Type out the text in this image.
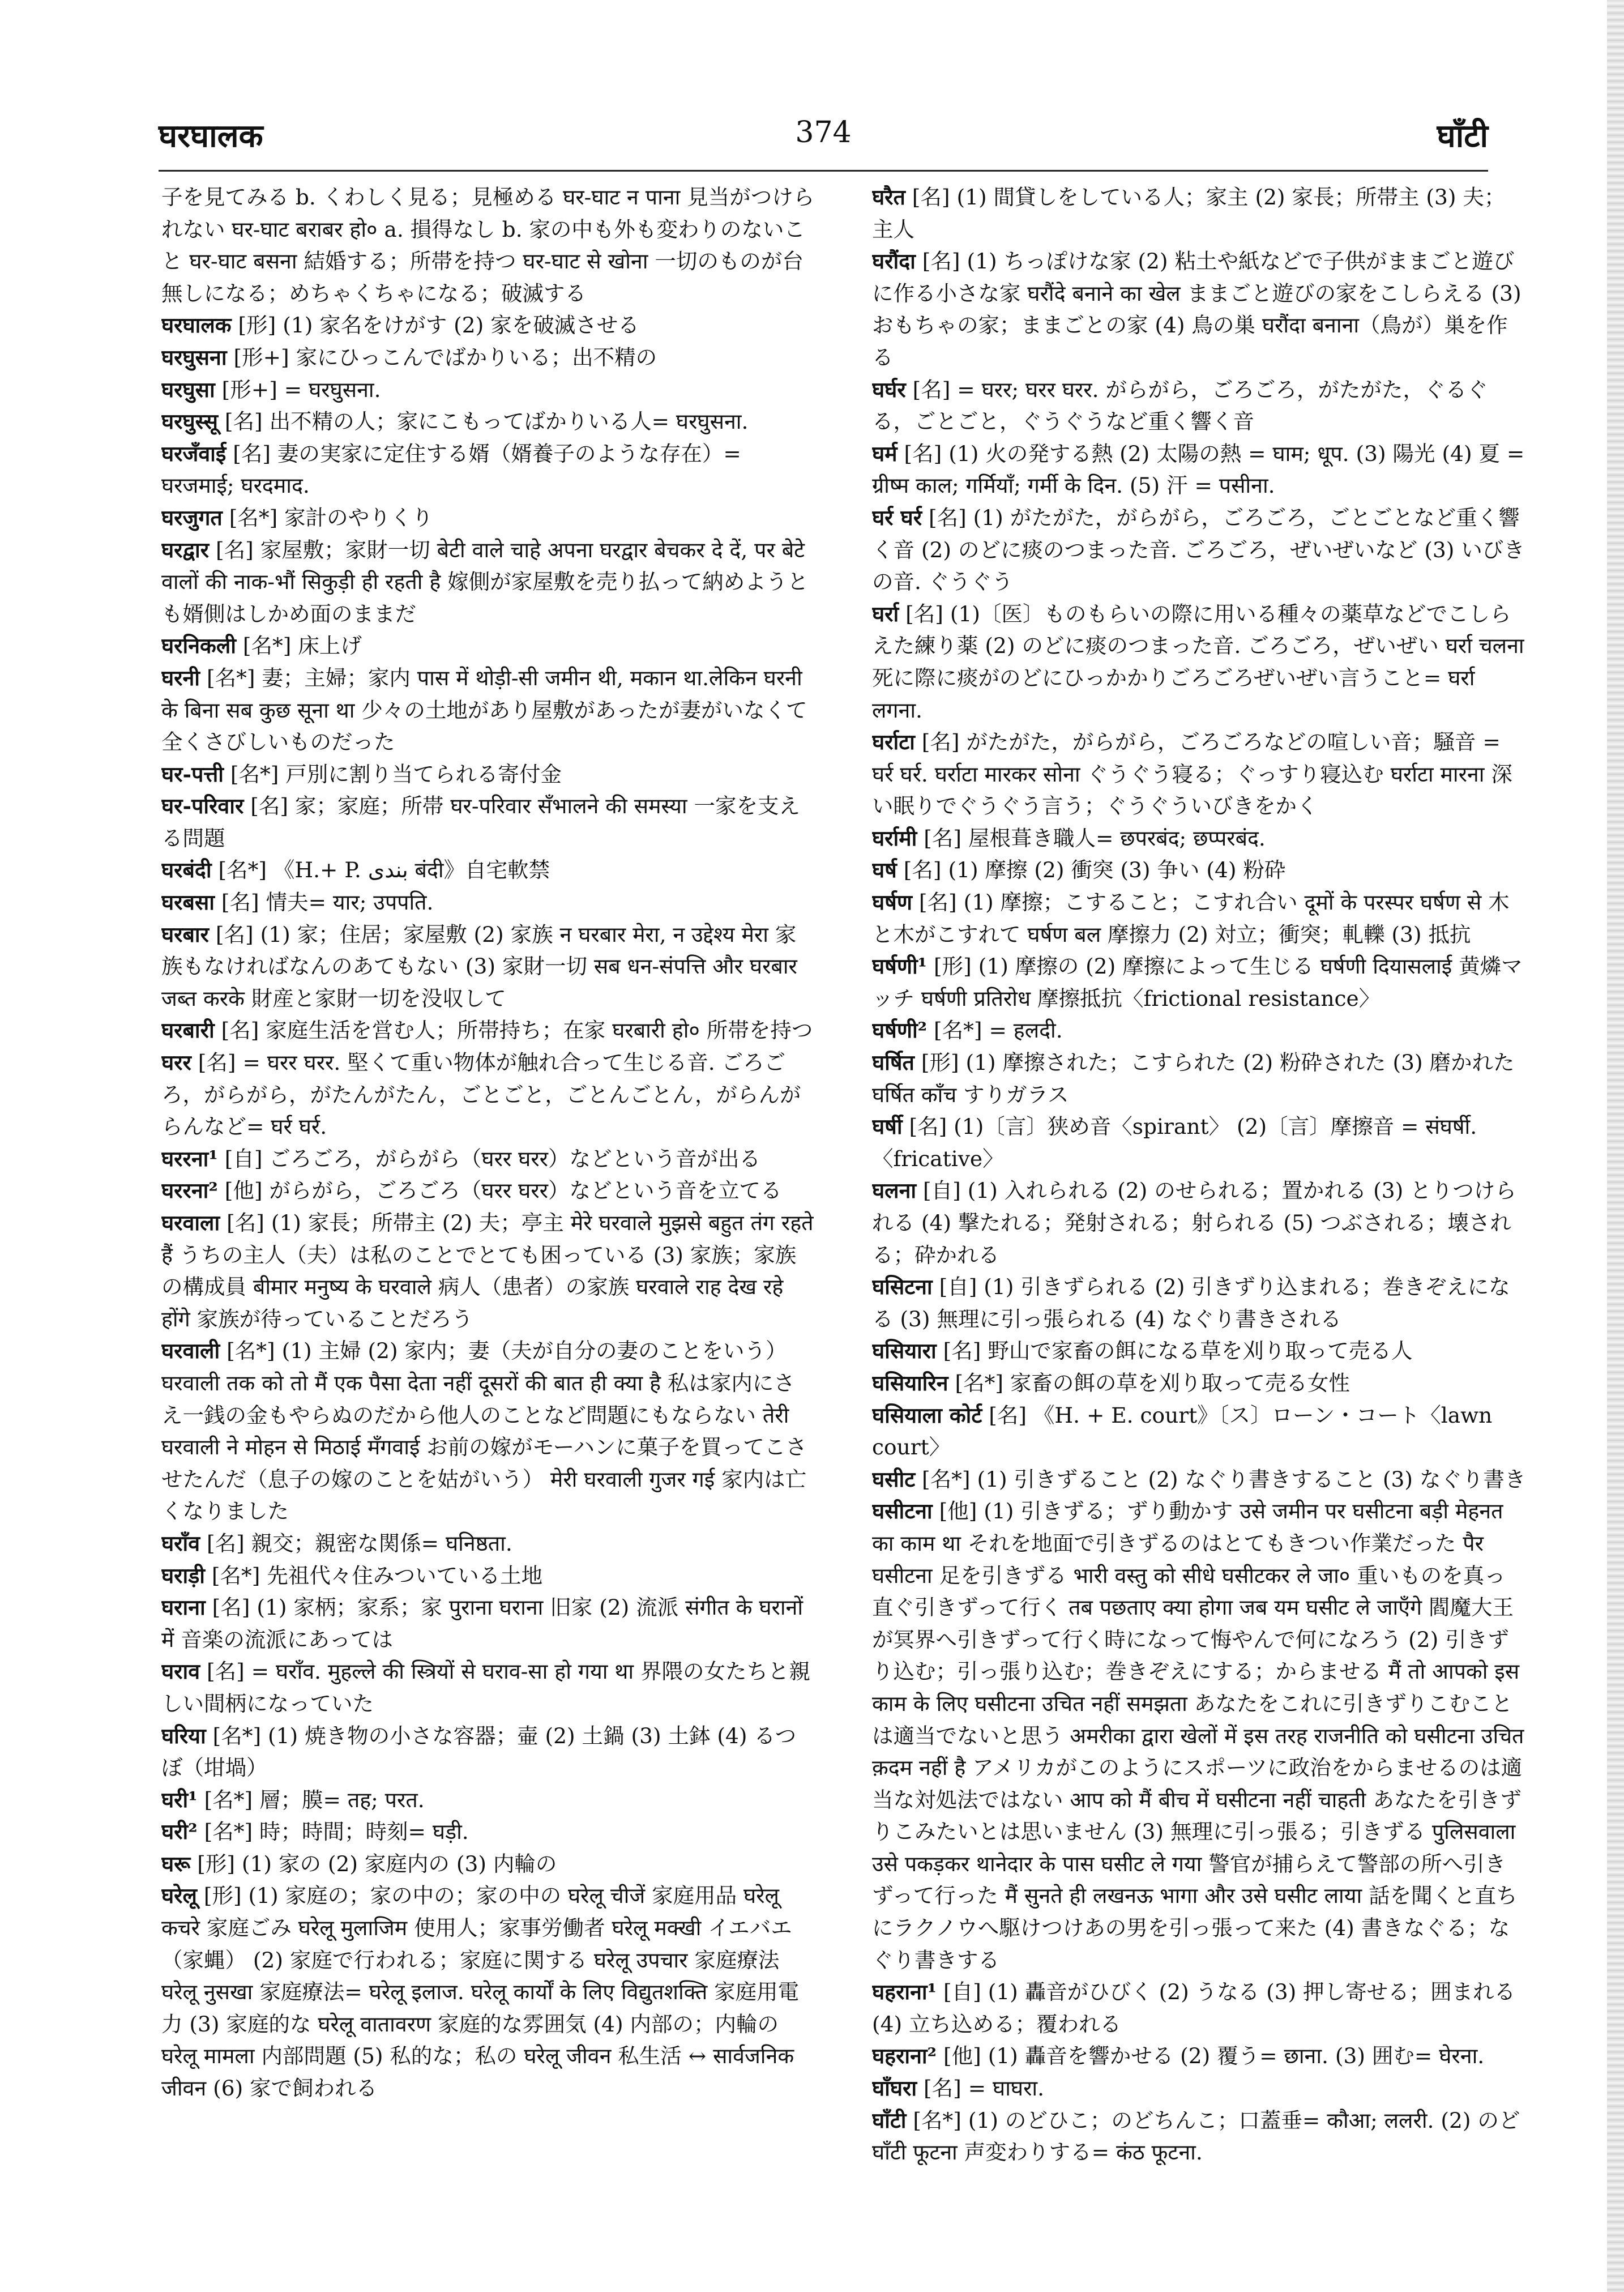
घरघालक	374	घाँटी
子を見てみる b. くわしく見る；見極める घर-घाट न पाना 見当がつけられない घर-घाट बराबर हो० a. 損得なし b. 家の中も外も変わりのないこと घर-घाट बसना 結婚する；所帯を持つ घर-घाट से खोना 一切のものが台無しになる；めちゃくちゃになる；破滅する
घरघालक [形] (1) 家名をけがす (2) 家を破滅させる
घरघुसना [形+] 家にひっこんでばかりいる；出不精の
घरघुसा [形+] = घरघुसना.
घरघुस्सू [名] 出不精の人；家にこもってばかりいる人= घरघुसना.
घरजँवाई [名] 妻の実家に定住する婿（婿養子のような存在）= घरजमाई; घरदमाद.
घरजुगत [名*] 家計のやりくり
घरद्वार [名] 家屋敷；家財一切 बेटी वाले चाहे अपना घरद्वार बेचकर दे दें, पर बेटे वालों की नाक-भौं सिकुड़ी ही रहती है 嫁側が家屋敷を売り払って納めようとも婿側はしかめ面のままだ
घरनिकली [名*] 床上げ
घरनी [名*] 妻；主婦；家内 पास में थोड़ी-सी जमीन थी, मकान था.लेकिन घरनी के बिना सब कुछ सूना था 少々の土地があり屋敷があったが妻がいなくて全くさびしいものだった
घर-पत्ती [名*] 戸別に割り当てられる寄付金
घर-परिवार [名] 家；家庭；所帯 घर-परिवार सँभालने की समस्या 一家を支える問題
घरबंदी [名*] 《H.+ P. بندی बंदी》自宅軟禁
घरबसा [名] 情夫= यार; उपपति.
घरबार [名] (1) 家；住居；家屋敷 (2) 家族 न घरबार मेरा, न उद्देश्य मेरा 家族もなければなんのあてもない (3) 家財一切 सब धन-संपत्ति और घरबार जब्त करके 財産と家財一切を没収して
घरबारी [名] 家庭生活を営む人；所帯持ち；在家 घरबारी हो० 所帯を持つ
घरर [名] = घरर घरर. 堅くて重い物体が触れ合って生じる音. ごろごろ，がらがら，がたんがたん，ごとごと，ごとんごとん，がらんがらんなど= घर्र घर्र.
घररना¹ [自] ごろごろ，がらがら（घरर घरर）などという音が出る
घररना² [他] がらがら，ごろごろ（घरर घरर）などという音を立てる
घरवाला [名] (1) 家長；所帯主 (2) 夫；亭主 मेरे घरवाले मुझसे बहुत तंग रहते हैं うちの主人（夫）は私のことでとても困っている (3) 家族；家族の構成員 बीमार मनुष्य के घरवाले 病人（患者）の家族 घरवाले राह देख रहे होंगे 家族が待っていることだろう
घरवाली [名*] (1) 主婦 (2) 家内；妻（夫が自分の妻のことをいう） घरवाली तक को तो मैं एक पैसा देता नहीं दूसरों की बात ही क्या है 私は家内にさえ一銭の金もやらぬのだから他人のことなど問題にもならない तेरी घरवाली ने मोहन से मिठाई मँगवाई お前の嫁がモーハンに菓子を買ってこさせたんだ（息子の嫁のことを姑がいう） मेरी घरवाली गुजर गई 家内は亡くなりました
घराँव [名] 親交；親密な関係= घनिष्ठता.
घराड़ी [名*] 先祖代々住みついている土地
घराना [名] (1) 家柄；家系；家 पुराना घराना 旧家 (2) 流派 संगीत के घरानों में 音楽の流派にあっては
घराव [名] = घराँव. मुहल्ले की स्त्रियों से घराव-सा हो गया था 界隈の女たちと親しい間柄になっていた
घरिया [名*] (1) 焼き物の小さな容器；壷 (2) 土鍋 (3) 土鉢 (4) るつぼ（坩堝）
घरी¹ [名*] 層；膜= तह; परत.
घरी² [名*] 時；時間；時刻= घड़ी.
घरू [形] (1) 家の (2) 家庭内の (3) 内輪の
घरेलू [形] (1) 家庭の；家の中の；家の中の घरेलू चीजें 家庭用品 घरेलू कचरे 家庭ごみ घरेलू मुलाजिम 使用人；家事労働者 घरेलू मक्खी イエバエ（家蝿） (2) 家庭で行われる；家庭に関する घरेलू उपचार 家庭療法 घरेलू नुसखा 家庭療法= घरेलू इलाज. घरेलू कार्यों के लिए विद्युतशक्ति 家庭用電力 (3) 家庭的な घरेलू वातावरण 家庭的な雰囲気 (4) 内部の；内輪の घरेलू मामला 内部問題 (5) 私的な；私の घरेलू जीवन 私生活 ↔ सार्वजनिक जीवन (6) 家で飼われる
घरैत [名] (1) 間貸しをしている人；家主 (2) 家長；所帯主 (3) 夫；主人
घरौंदा [名] (1) ちっぽけな家 (2) 粘土や紙などで子供がままごと遊びに作る小さな家 घरौंदे बनाने का खेल ままごと遊びの家をこしらえる (3) おもちゃの家；ままごとの家 (4) 鳥の巣 घरौंदा बनाना（鳥が）巣を作る
घर्घर [名] = घरर; घरर घरर. がらがら，ごろごろ，がたがた，ぐるぐる，ごとごと，ぐうぐうなど重く響く音
घर्म [名] (1) 火の発する熱 (2) 太陽の熱 = घाम; धूप. (3) 陽光 (4) 夏 = ग्रीष्म काल; गर्मियाँ; गर्मी के दिन. (5) 汗 = पसीना.
घर्र घर्र [名] (1) がたがた，がらがら，ごろごろ，ごとごとなど重く響く音 (2) のどに痰のつまった音. ごろごろ，ぜいぜいなど (3) いびきの音. ぐうぐう
घर्रा [名] (1)〔医〕ものもらいの際に用いる種々の薬草などでこしらえた練り薬 (2) のどに痰のつまった音. ごろごろ，ぜいぜい घर्रा चलना 死に際に痰がのどにひっかかりごろごろぜいぜい言うこと= घर्रा लगना.
घर्राटा [名] がたがた，がらがら，ごろごろなどの喧しい音；騒音 = घर्र घर्र. घर्राटा मारकर सोना ぐうぐう寝る；ぐっすり寝込む घर्राटा मारना 深い眠りでぐうぐう言う；ぐうぐういびきをかく
घर्रामी [名] 屋根葺き職人= छपरबंद; छप्परबंद.
घर्ष [名] (1) 摩擦 (2) 衝突 (3) 争い (4) 粉砕
घर्षण [名] (1) 摩擦；こすること；こすれ合い दूमों के परस्पर घर्षण से 木と木がこすれて घर्षण बल 摩擦力 (2) 対立；衝突；軋轢 (3) 抵抗
घर्षणी¹ [形] (1) 摩擦の (2) 摩擦によって生じる घर्षणी दियासलाई 黄燐マッチ घर्षणी प्रतिरोध 摩擦抵抗〈frictional resistance〉
घर्षणी² [名*] = हलदी.
घर्षित [形] (1) 摩擦された；こすられた (2) 粉砕された (3) 磨かれた घर्षित काँच すりガラス
घर्षी [名] (1)〔言〕狭め音〈spirant〉 (2)〔言〕摩擦音 = संघर्षी.〈fricative〉
घलना [自] (1) 入れられる (2) のせられる；置かれる (3) とりつけられる (4) 撃たれる；発射される；射られる (5) つぶされる；壊される；砕かれる
घसिटना [自] (1) 引きずられる (2) 引きずり込まれる；巻きぞえになる (3) 無理に引っ張られる (4) なぐり書きされる
घसियारा [名] 野山で家畜の餌になる草を刈り取って売る人
घसियारिन [名*] 家畜の餌の草を刈り取って売る女性
घसियाला कोर्ट [名] 《H. + E. court》〔ス〕ローン・コート〈lawn court〉
घसीट [名*] (1) 引きずること (2) なぐり書きすること (3) なぐり書き
घसीटना [他] (1) 引きずる；ずり動かす उसे जमीन पर घसीटना बड़ी मेहनत का काम था それを地面で引きずるのはとてもきつい作業だった पैर घसीटना 足を引きずる भारी वस्तु को सीधे घसीटकर ले जा० 重いものを真っ直ぐ引きずって行く तब पछताए क्या होगा जब यम घसीट ले जाएँगे 閻魔大王が冥界へ引きずって行く時になって悔やんで何になろう (2) 引きずり込む；引っ張り込む；巻きぞえにする；からませる मैं तो आपको इस काम के लिए घसीटना उचित नहीं समझता あなたをこれに引きずりこむことは適当でないと思う अमरीका द्वारा खेलों में इस तरह राजनीति को घसीटना उचित क़दम नहीं है アメリカがこのようにスポーツに政治をからませるのは適当な対処法ではない आप को मैं बीच में घसीटना नहीं चाहती あなたを引きずりこみたいとは思いません (3) 無理に引っ張る；引きずる पुलिसवाला उसे पकड़कर थानेदार के पास घसीट ले गया 警官が捕らえて警部の所へ引きずって行った मैं सुनते ही लखनऊ भागा और उसे घसीट लाया 話を聞くと直ちにラクノウへ駆けつけあの男を引っ張って来た (4) 書きなぐる；なぐり書きする
घहराना¹ [自] (1) 轟音がひびく (2) うなる (3) 押し寄せる；囲まれる (4) 立ち込める；覆われる
घहराना² [他] (1) 轟音を響かせる (2) 覆う= छाना. (3) 囲む= घेरना.
घाँघरा [名] = घाघरा.
घाँटी [名*] (1) のどひこ；のどちんこ；口蓋垂= कौआ; ललरी. (2) のど घाँटी फूटना 声変わりする= कंठ फूटना.
